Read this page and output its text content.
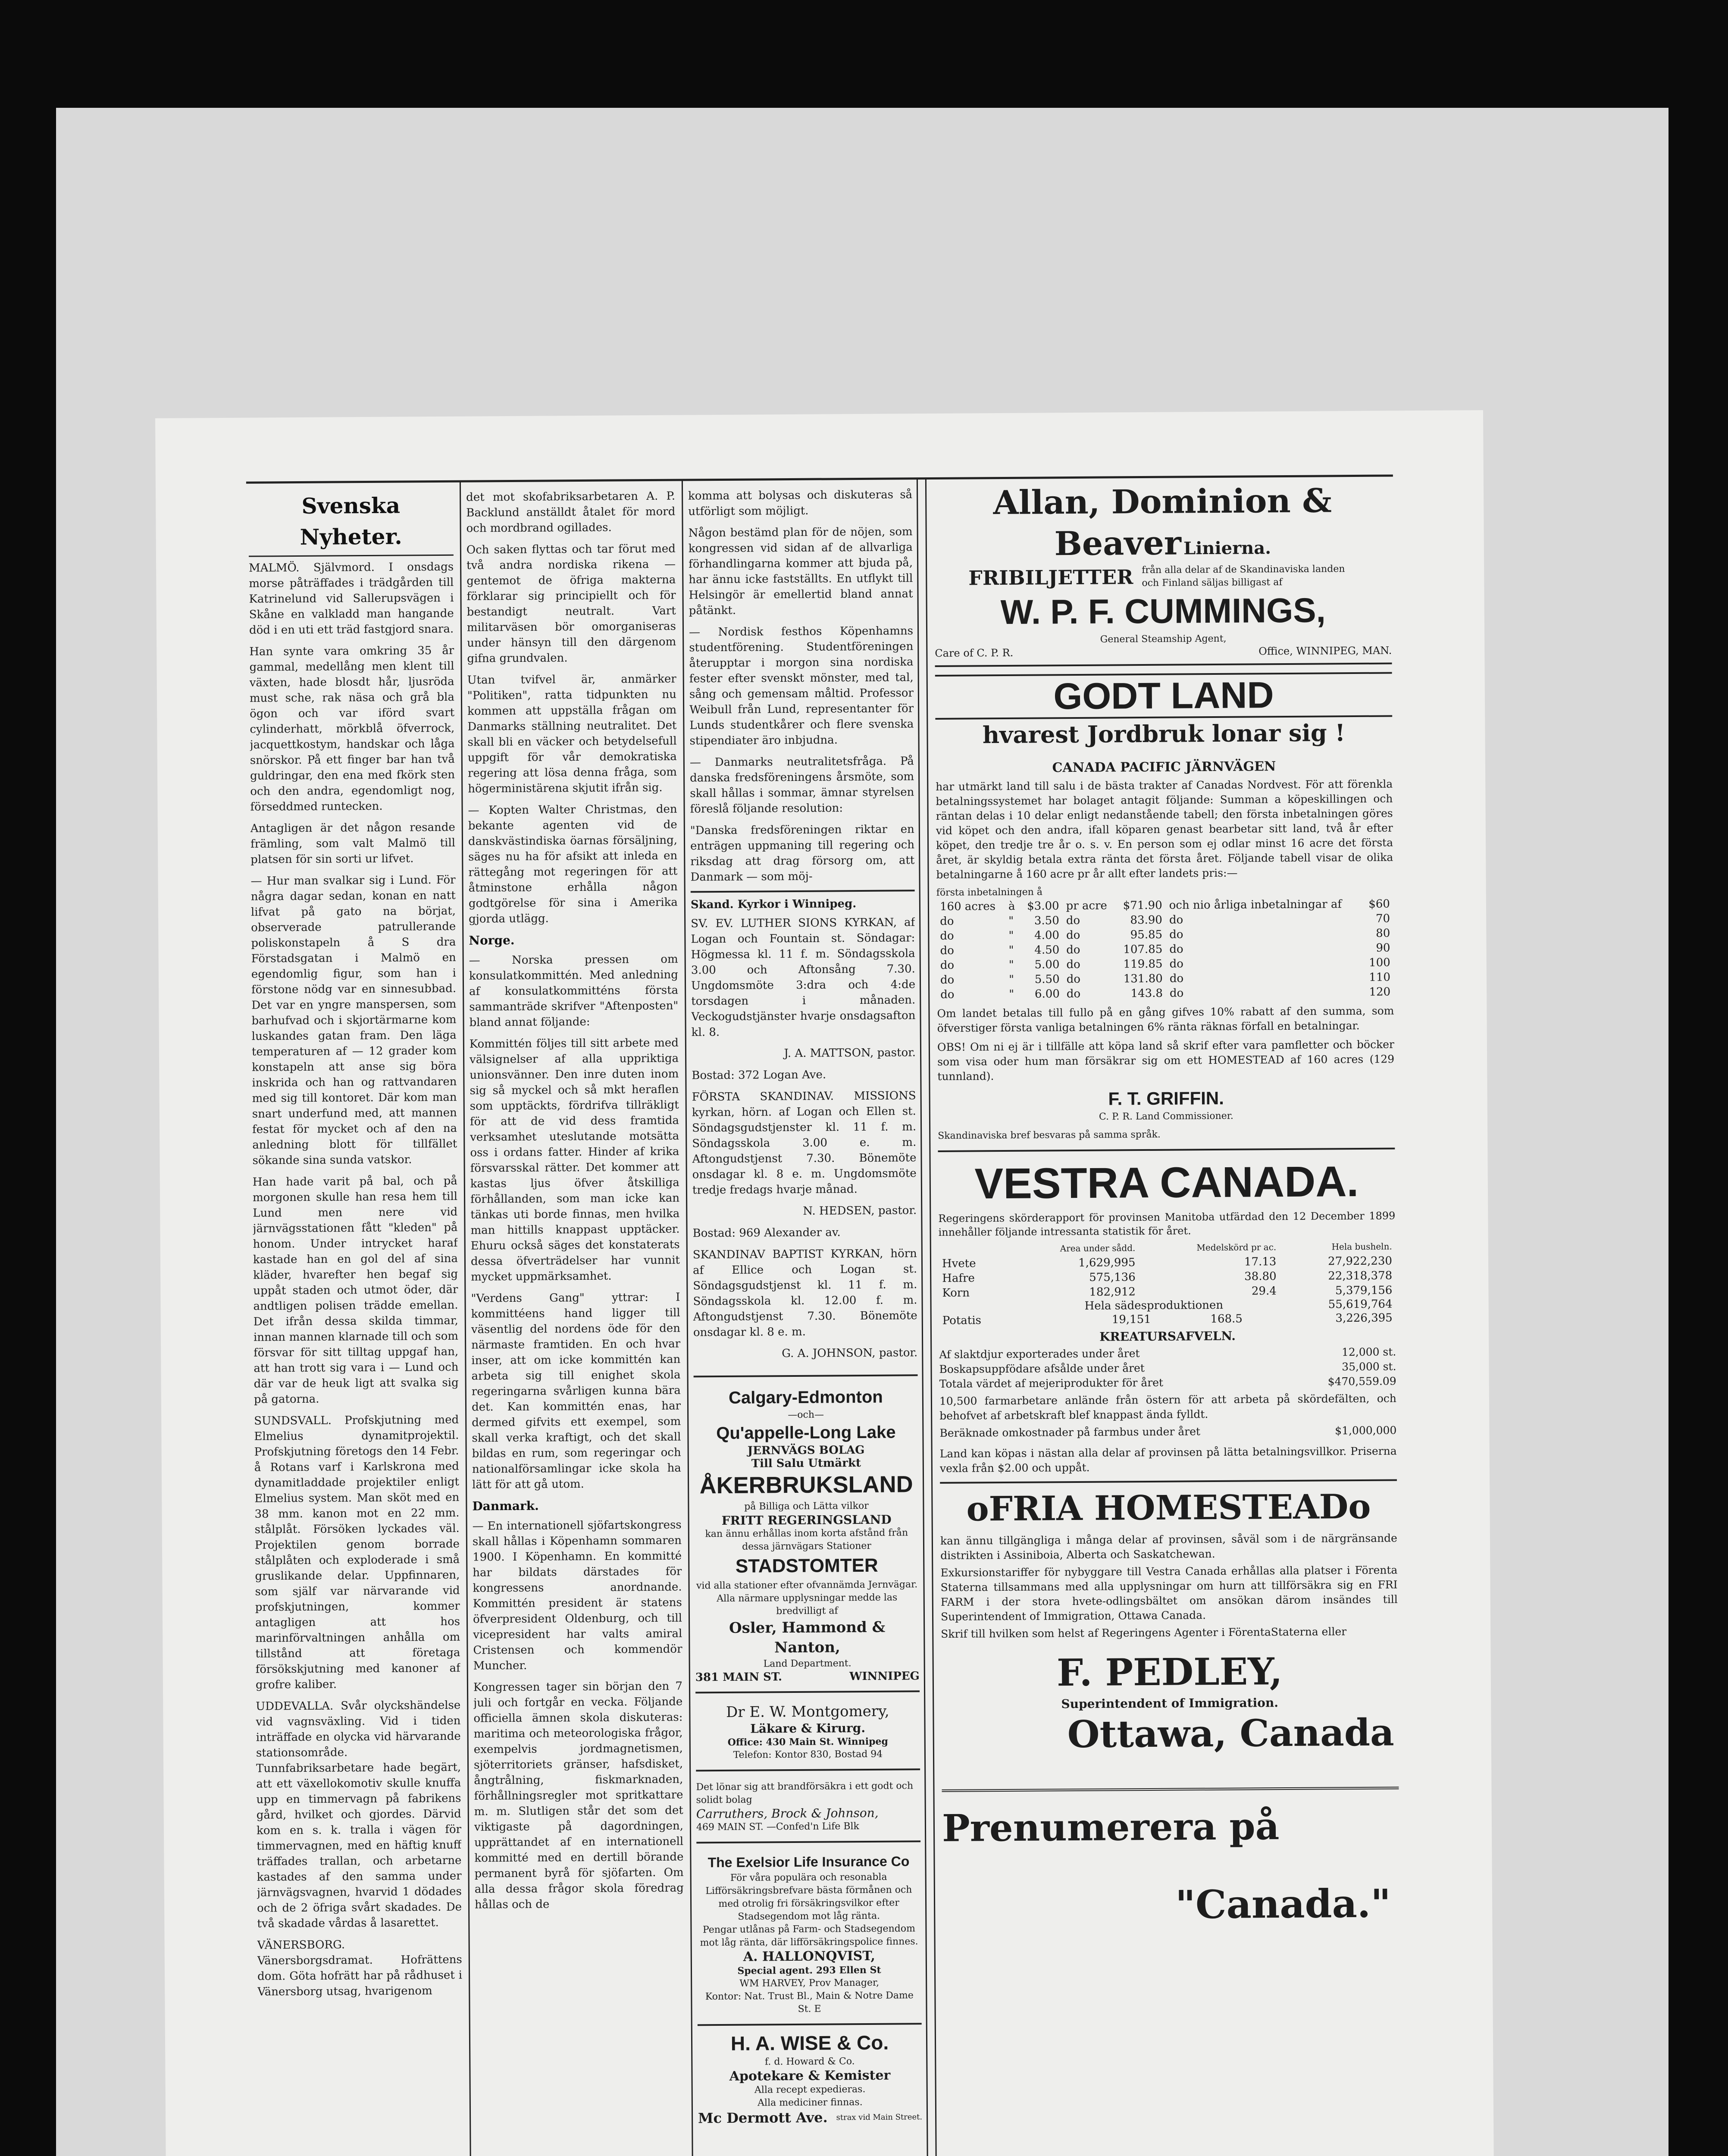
Svenska Nyheter.

MALMÖ. Självmord. I onsdags morse påträffades i trädgården till Katrinelund vid Sallerupsvägen i Skåne en valkladd man hangande död i en uti ett träd fastgjord snara.

Han synte vara omkring 35 år gammal, medellång men klent till växten, hade blosdt hår, ljusröda must sche, rak näsa och grå bla ögon och var iförd svart cylinderhatt, mörkblå öfverrock, jacquettkostym, handskar och låga snörskor. På ett finger bar han två guldringar, den ena med fkörk sten och den andra, egendomligt nog, förseddmed runtecken.

Antagligen är det någon resande främling, som valt Malmö till platsen för sin sorti ur lifvet.

— Hur man svalkar sig i Lund. För några dagar sedan, konan en natt lifvat på gato na börjat, observerade patrullerande poliskonstapeln å S dra Förstadsgatan i Malmö en egendomlig figur, som han i förstone nödg var en sinnesubbad. Det var en yngre manspersen, som barhufvad och i skjortärmarne kom luskandes gatan fram. Den läga temperaturen af — 12 grader kom konstapeln att anse sig böra inskrida och han og rattvandaren med sig till kontoret. Där kom man snart underfund med, att mannen festat för mycket och af den na anledning blott för tillfället sökande sina sunda vatskor.

Han hade varit på bal, och på morgonen skulle han resa hem till Lund men nere vid järnvägsstationen fått "kleden" på honom. Under intrycket haraf kastade han en gol del af sina kläder, hvarefter hen begaf sig uppåt staden och utmot öder, där andtligen polisen trädde emellan. Det ifrån dessa skilda timmar, innan mannen klarnade till och som försvar för sitt tilltag uppgaf han, att han trott sig vara i — Lund och där var de heuk ligt att svalka sig på gatorna.

SUNDSVALL. Profskjutning med Elmelius dynamitprojektil. Profskjutning företogs den 14 Febr. å Rotans varf i Karlskrona med dynamitladdade projektiler enligt Elmelius system. Man sköt med en 38 mm. kanon mot en 22 mm. stålplåt. Försöken lyckades väl. Projektilen genom borrade stålplåten och exploderade i små gruslikande delar. Uppfinnaren, som själf var närvarande vid profskjutningen, kommer antagligen att hos marinförvaltningen anhålla om tillstånd att företaga försökskjutning med kanoner af grofre kaliber.

UDDEVALLA. Svår olyckshändelse vid vagnsväxling. Vid i tiden inträffade en olycka vid härvarande stationsområde. Tunnfabriksarbetare hade begärt, att ett växellokomotiv skulle knuffa upp en timmervagn på fabrikens gård, hvilket och gjordes. Därvid kom en s. k. tralla i vägen för timmervagnen, med en häftig knuff träffades trallan, och arbetarne kastades af den samma under järnvägsvagnen, hvarvid 1 dödades och de 2 öfriga svårt skadades. De två skadade vårdas å lasarettet.

VÄNERSBORG. Vänersborgsdramat. Hofrättens dom. Göta hofrätt har på rådhuset i Vänersborg utsag, hvarigenom

det mot skofabriksarbetaren A. P. Backlund anställdt åtalet för mord och mordbrand ogillades.

Och saken flyttas och tar förut med två andra nordiska rikena — gentemot de öfriga makterna förklarar sig principiellt och för bestandigt neutralt. Vart militarväsen bör omorganiseras under hänsyn till den därgenom gifna grundvalen.

Utan tvifvel är, anmärker "Politiken", ratta tidpunkten nu kommen att uppställa frågan om Danmarks ställning neutralitet. Det skall bli en väcker och betydelsefull uppgift för vår demokratiska regering att lösa denna fråga, som högerministärena skjutit ifrån sig.

— Kopten Walter Christmas, den bekante agenten vid de danskvästindiska öarnas försäljning, säges nu ha för afsikt att inleda en rättegång mot regeringen för att åtminstone erhålla någon godtgörelse för sina i Amerika gjorda utlägg.

Norge.

— Norska pressen om konsulatkommittén. Med anledning af konsulatkommitténs första sammanträde skrifver "Aftenposten" bland annat följande:

Kommittén följes till sitt arbete med välsignelser af alla uppriktiga unionsvänner. Den inre duten inom sig så myckel och så mkt heraflen som upptäckts, fördrifva tillräkligt för att de vid dess framtida verksamhet uteslutande motsätta oss i ordans fatter. Hinder af krika försvarsskal rätter. Det kommer att kastas ljus öfver åtskilliga förhållanden, som man icke kan tänkas uti borde finnas, men hvilka man hittills knappast upptäcker. Ehuru också säges det konstaterats dessa öfverträdelser har vunnit mycket uppmärksamhet.

"Verdens Gang" yttrar: I kommittéens hand ligger till väsentlig del nordens öde för den närmaste framtiden. En och hvar inser, att om icke kommittén kan arbeta sig till enighet skola regeringarna svårligen kunna bära det. Kan kommittén enas, har dermed gifvits ett exempel, som skall verka kraftigt, och det skall bildas en rum, som regeringar och nationalförsamlingar icke skola ha lätt för att gå utom.

Danmark.

— En internationell sjöfartskongress skall hållas i Köpenhamn sommaren 1900. I Köpenhamn. En kommitté har bildats därstades för kongressens anordnande. Kommittén president är statens öfverpresident Oldenburg, och till vicepresident har valts amiral Cristensen och kommendör Muncher.

Kongressen tager sin början den 7 juli och fortgår en vecka. Följande officiella ämnen skola diskuteras: maritima och meteorologiska frågor, exempelvis jordmagnetismen, sjöterritoriets gränser, hafsdisket, ångtrålning, fiskmarknaden, förhållningsregler mot spritkattare m. m. Slutligen står det som det viktigaste på dagordningen, upprättandet af en internationell kommitté med en dertill börande permanent byrå för sjöfarten. Om alla dessa frågor skola föredrag hållas och de

komma att bolysas och diskuteras så utförligt som möjligt.

Någon bestämd plan för de nöjen, som kongressen vid sidan af de allvarliga förhandlingarna kommer att bjuda på, har ännu icke fastställts. En utflykt till Helsingör är emellertid bland annat påtänkt.

— Nordisk festhos Köpenhamns studentförening. Studentföreningen återupptar i morgon sina nordiska fester efter svenskt mönster, med tal, sång och gemensam måltid. Professor Weibull från Lund, representanter för Lunds studentkårer och flere svenska stipendiater äro inbjudna.

— Danmarks neutralitetsfråga. På danska fredsföreningens årsmöte, som skall hållas i sommar, ämnar styrelsen föreslå följande resolution:

"Danska fredsföreningen riktar en enträgen uppmaning till regering och riksdag att drag försorg om, att Danmark — som möj-

Skand. Kyrkor i Winnipeg.

SV. EV. LUTHER SIONS KYRKAN, af Logan och Fountain st. Söndagar: Högmessa kl. 11 f. m. Söndagsskola 3.00 och Aftonsång 7.30. Ungdomsmöte 3:dra och 4:de torsdagen i månaden. Veckogudstjänster hvarje onsdagsafton kl. 8.

J. A. MATTSON, pastor.

Bostad: 372 Logan Ave.

FÖRSTA SKANDINAV. MISSIONS kyrkan, hörn. af Logan och Ellen st. Söndagsgudstjenster kl. 11 f. m. Söndagsskola 3.00 e. m. Aftongudstjenst 7.30. Bönemöte onsdagar kl. 8 e. m. Ungdomsmöte tredje fredags hvarje månad.

N. HEDSEN, pastor.

Bostad: 969 Alexander av.

SKANDINAV BAPTIST KYRKAN, hörn af Ellice och Logan st. Söndagsgudstjenst kl. 11 f. m. Söndagsskola kl. 12.00 f. m. Aftongudstjenst 7.30. Bönemöte onsdagar kl. 8 e. m.

G. A. JOHNSON, pastor.

Calgary-Edmonton
—och—
Qu'appelle-Long Lake
JERNVÄGS BOLAG
Till Salu Utmärkt
ÅKERBRUKSLAND
på Billiga och Lätta vilkor
FRITT REGERINGSLAND
kan ännu erhållas inom korta afstånd från dessa järnvägars Stationer
STADSTOMTER
vid alla stationer efter ofvannämda Jernvägar.
Alla närmare upplysningar medde las bredvilligt af
Osler, Hammond & Nanton,
Land Department.
381 MAIN ST.	WINNIPEG
Dr E. W. Montgomery,
Läkare & Kirurg.
Office: 430 Main St. Winnipeg
Telefon: Kontor 830, Bostad 94
Det lönar sig att brandförsäkra i ett godt och solidt bolag
Carruthers, Brock & Johnson,
469 MAIN ST. —Confed'n Life Blk
The Exelsior Life Insurance Co
För våra populära och resonabla Lifförsäkringsbrefvare bästa förmånen och med otrolig fri försäkringsvilkor efter Stadsegendom mot låg ränta.
Pengar utlånas på Farm- och Stadsegendom mot låg ränta, där lifförsäkringspolice finnes.
A. HALLONQVIST,
Special agent. 293 Ellen St
WM HARVEY, Prov Manager,
Kontor: Nat. Trust Bl., Main & Notre Dame St. E
H. A. WISE & Co.
f. d. Howard & Co.
Apotekare & Kemister
Alla recept expedieras.
Alla mediciner finnas.
Mc Dermott Ave. strax vid Main Street.
Allan, Dominion &
Beaver Linierna.
FRIBILJETTER från alla delar af de Skandinaviska landen och Finland säljas billigast af
W. P. F. CUMMINGS,
General Steamship Agent,
Care of C. P. R.	Office, WINNIPEG, MAN.
GODT LAND
hvarest Jordbruk lonar sig !
CANADA PACIFIC JÄRNVÄGEN

har utmärkt land till salu i de bästa trakter af Canadas Nordvest. För att förenkla betalningssystemet har bolaget antagit följande: Summan a köpeskillingen och räntan delas i 10 delar enligt nedanstående tabell; den första inbetalningen göres vid köpet och den andra, ifall köparen genast bearbetar sitt land, två år efter köpet, den tredje tre år o. s. v. En person som ej odlar minst 16 acre det första året, är skyldig betala extra ränta det första året. Följande tabell visar de olika betalningarne å 160 acre pr år allt efter landets pris:—

första inbetalningen å
160 acres	à	$3.00	pr acre	$71.90	och nio årliga inbetalningar af	$60
do	"	3.50	do	83.90	do	70
do	"	4.00	do	95.85	do	80
do	"	4.50	do	107.85	do	90
do	"	5.00	do	119.85	do	100
do	"	5.50	do	131.80	do	110
do	"	6.00	do	143.8	do	120

Om landet betalas till fullo på en gång gifves 10% rabatt af den summa, som öfverstiger första vanliga betalningen 6% ränta räknas förfall en betalningar.

OBS! Om ni ej är i tillfälle att köpa land så skrif efter vara pamfletter och böcker som visa oder hum man försäkrar sig om ett HOMESTEAD af 160 acres (129 tunnland).

F. T. GRIFFIN.
C. P. R. Land Commissioner.
Skandinaviska bref besvaras på samma språk.
VESTRA CANADA.

Regeringens skörderapport för provinsen Manitoba utfärdad den 12 December 1899 innehåller följande intressanta statistik för året.

	Area under sådd.	Medelskörd pr ac.	Hela busheln.
Hvete	1,629,995	17.13	27,922,230
Hafre	575,136	38.80	22,318,378
Korn	182,912	29.4	5,379,156
Hela sädesproduktionen	55,619,764
Potatis	19,151	168.5	3,226,395
KREATURSAFVELN.
Af slaktdjur exporterades under året	12,000 st.
Boskapsuppfödare afsålde under året	35,000 st.
Totala värdet af mejeriprodukter för året	$470,559.09

10,500 farmarbetare anlände från östern för att arbeta på skördefälten, och behofvet af arbetskraft blef knappast ända fylldt.

Beräknade omkostnader på farmbus under året	$1,000,000

Land kan köpas i nästan alla delar af provinsen på lätta betalningsvillkor. Priserna vexla från $2.00 och uppåt.

oFRIA HOMESTEADo

kan ännu tillgängliga i många delar af provinsen, såväl som i de närgränsande distrikten i Assiniboia, Alberta och Saskatchewan.

Exkursionstariffer för nybyggare till Vestra Canada erhållas alla platser i Förenta Staterna tillsammans med alla upplysningar om hurn att tillförsäkra sig en FRI FARM i der stora hvete-odlingsbältet om ansökan därom insändes till Superintendent of Immigration, Ottawa Canada.

Skrif till hvilken som helst af Regeringens Agenter i FörentaStaterna eller

F. PEDLEY,
Superintendent of Immigration.
Ottawa, Canada
Prenumerera på
"Canada."
